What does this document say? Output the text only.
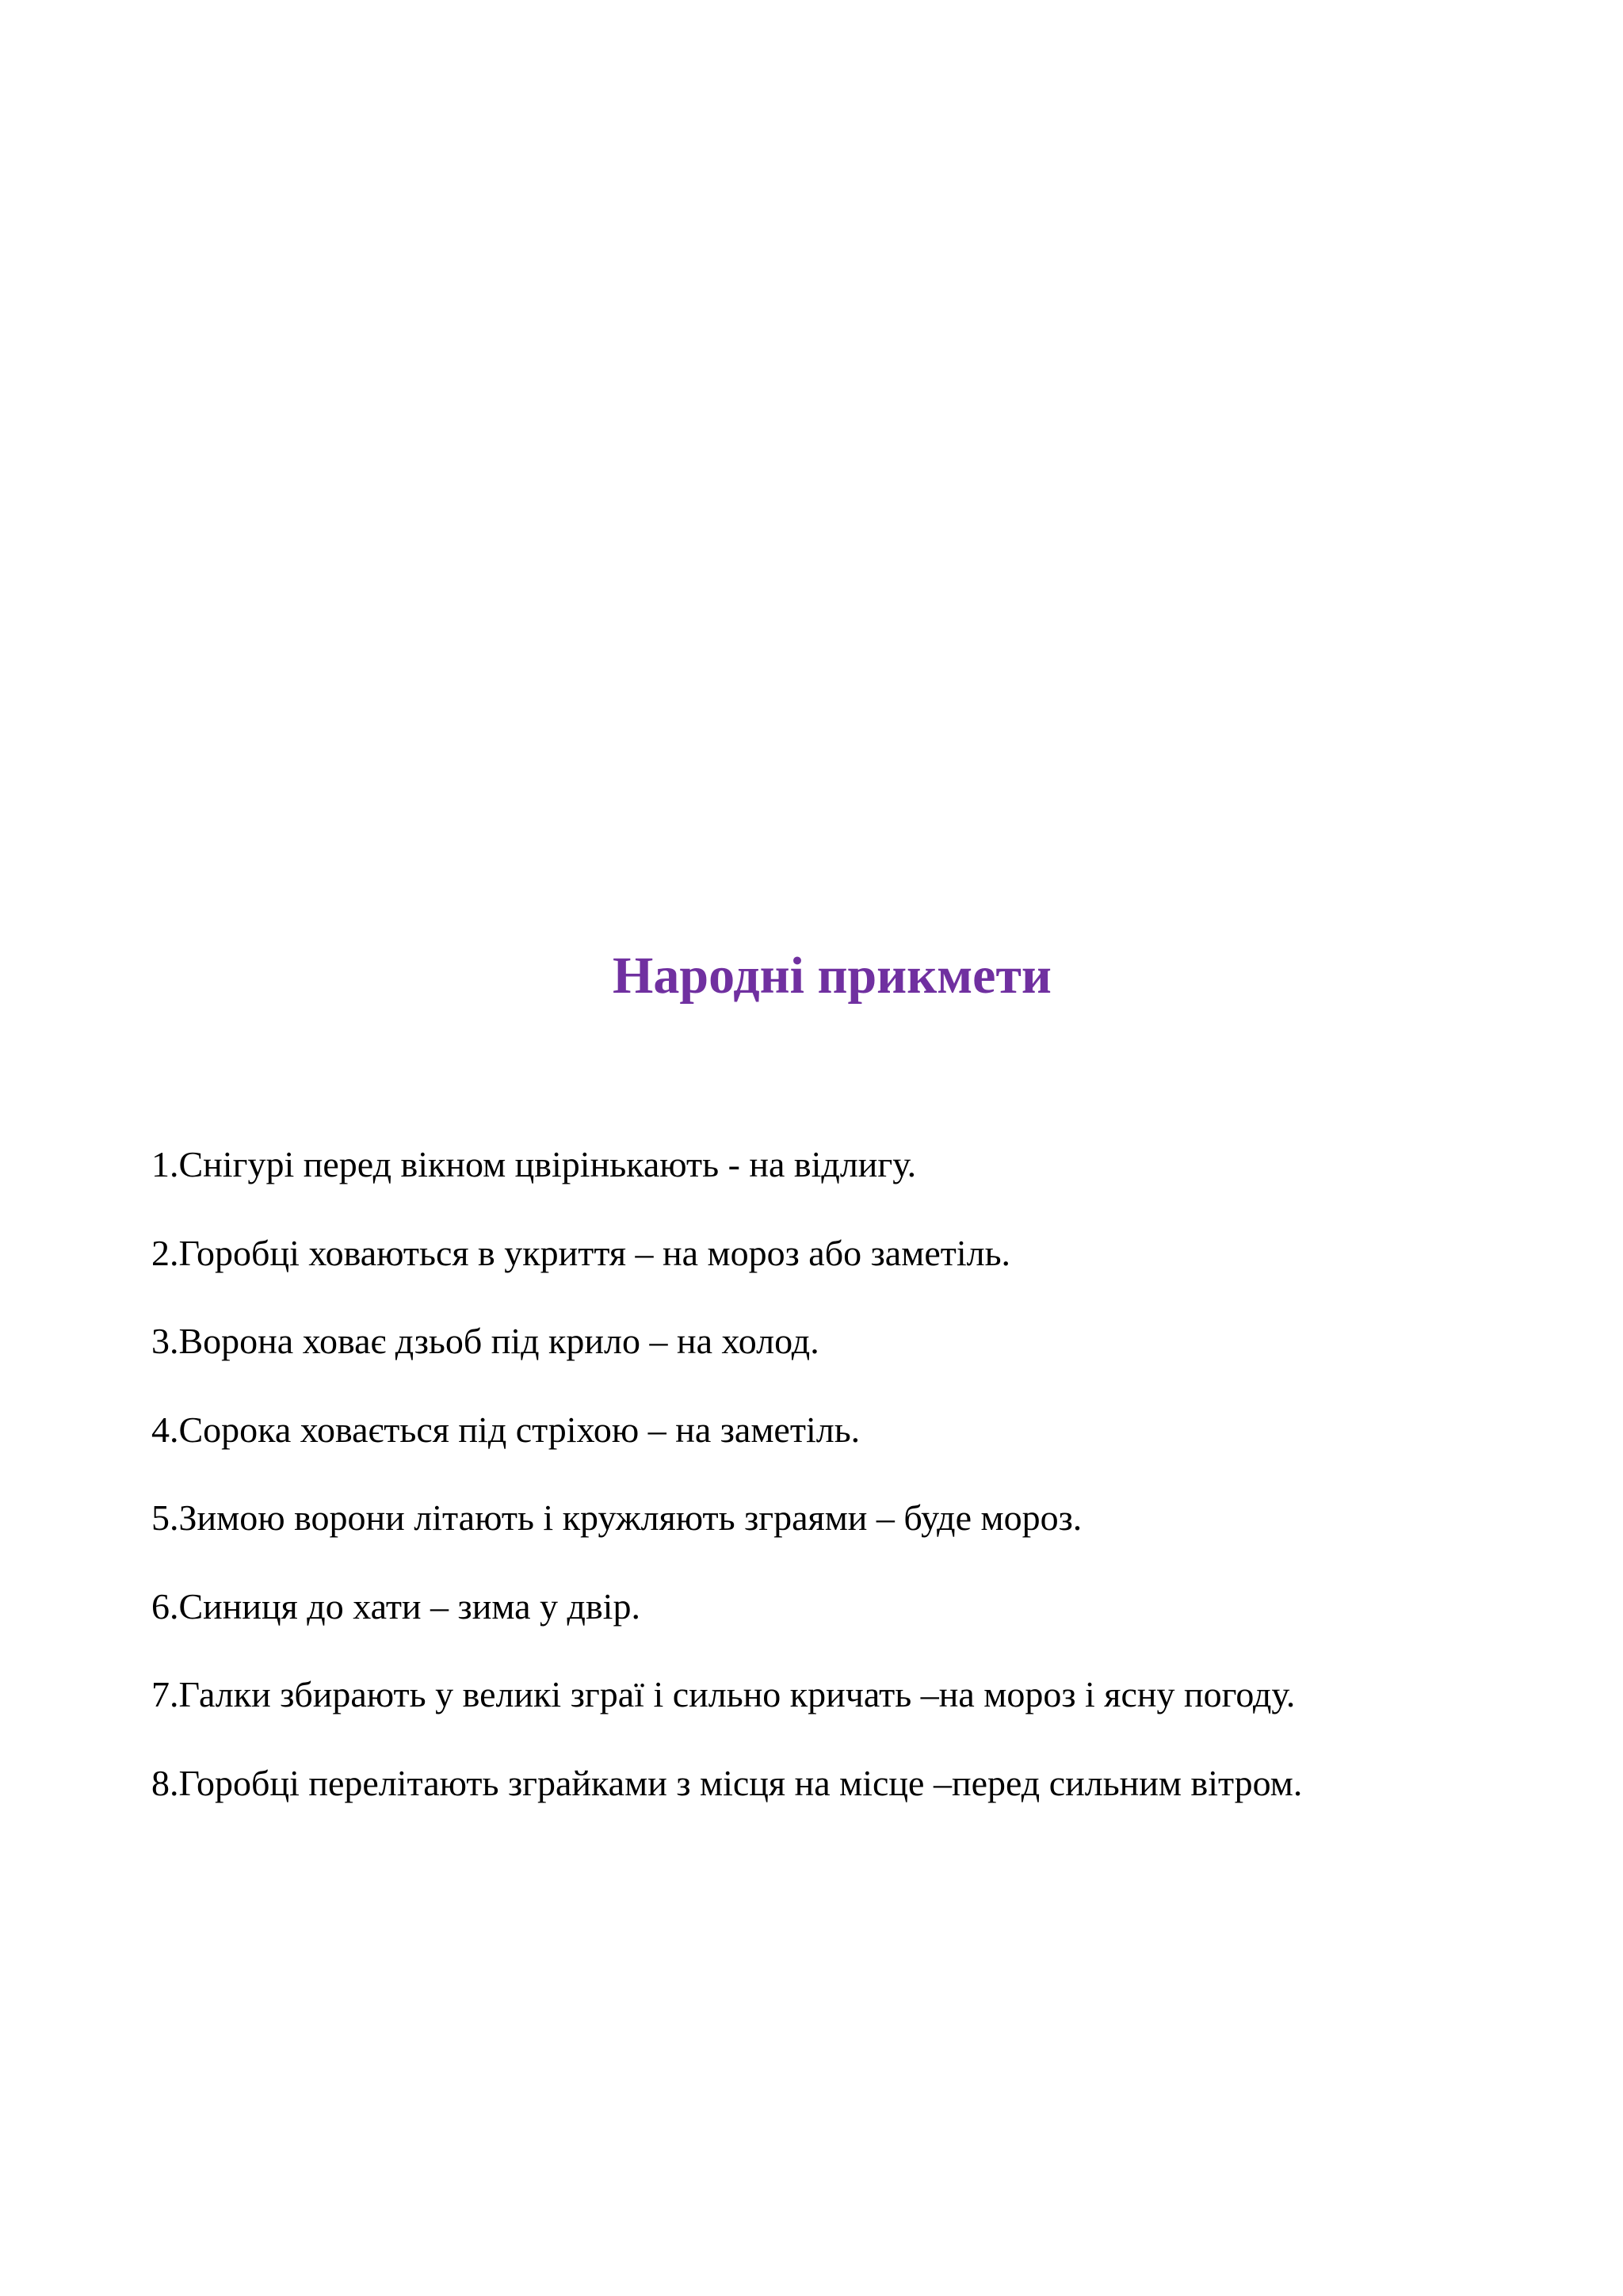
Народні прикмети
1.Снігурі перед вікном цвірінькають - на відлигу.
2.Горобці ховаються в укриття – на мороз або заметіль.
3.Ворона ховає дзьоб під крило – на холод.
4.Сорока ховається під стріхою – на заметіль.
5.Зимою ворони літають і кружляють зграями – буде мороз.
6.Синиця до хати – зима у двір.
7.Галки збирають у великі зграї і сильно кричать –на мороз і ясну погоду.
8.Горобці перелітають зграйками з місця на місце –перед сильним вітром.
